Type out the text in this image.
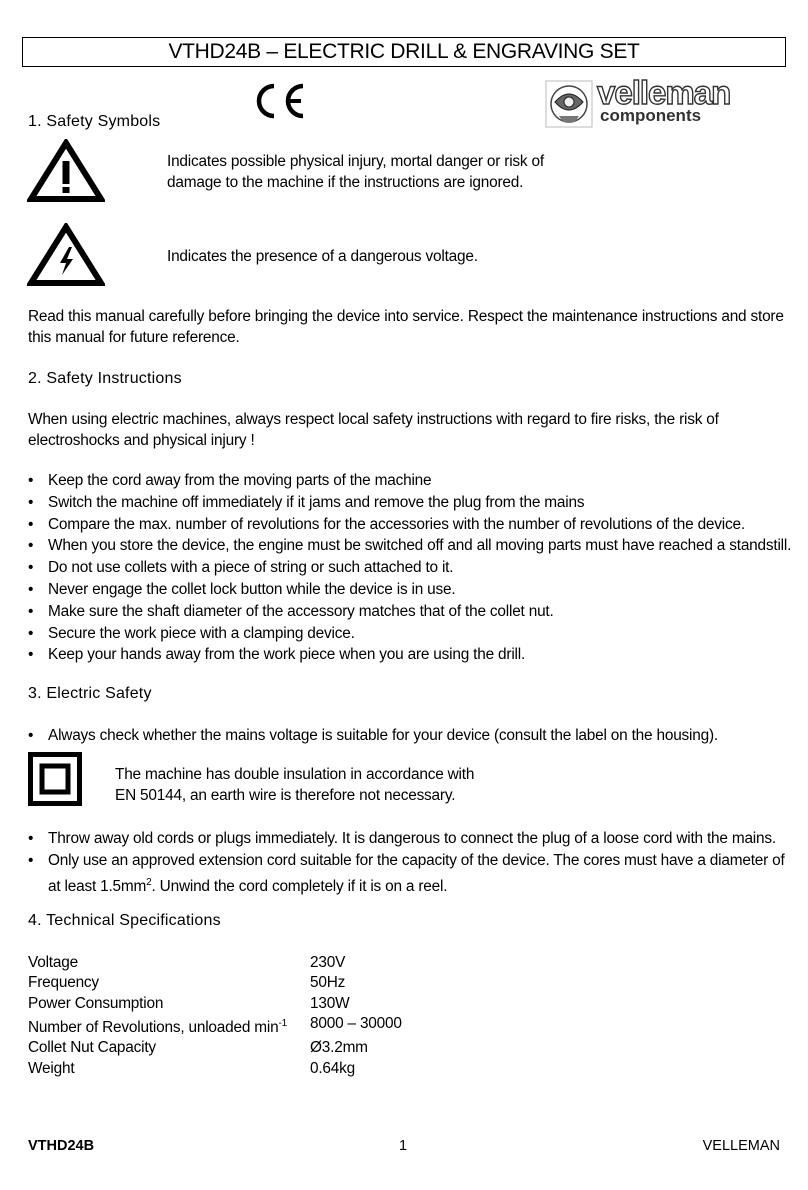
VTHD24B – ELECTRIC DRILL & ENGRAVING SET
velleman
components
1. Safety Symbols
Indicates possible physical injury, mortal danger or risk of
damage to the machine if the instructions are ignored.
Indicates the presence of a dangerous voltage.
Read this manual carefully before bringing the device into service. Respect the maintenance instructions and store
this manual for future reference.
2. Safety Instructions
When using electric machines, always respect local safety instructions with regard to fire risks, the risk of
electroshocks and physical injury !
• Keep the cord away from the moving parts of the machine
• Switch the machine off immediately if it jams and remove the plug from the mains
• Compare the max. number of revolutions for the accessories with the number of revolutions of the device.
• When you store the device, the engine must be switched off and all moving parts must have reached a standstill.
• Do not use collets with a piece of string or such attached to it.
• Never engage the collet lock button while the device is in use.
• Make sure the shaft diameter of the accessory matches that of the collet nut.
• Secure the work piece with a clamping device.
• Keep your hands away from the work piece when you are using the drill.
3. Electric Safety
• Always check whether the mains voltage is suitable for your device (consult the label on the housing).
The machine has double insulation in accordance with
EN 50144, an earth wire is therefore not necessary.
• Throw away old cords or plugs immediately. It is dangerous to connect the plug of a loose cord with the mains.
• Only use an approved extension cord suitable for the capacity of the device. The cores must have a diameter of
at least $1.5mm^2$. Unwind the cord completely if it is on a reel.
4. Technical Specifications
Voltage	230V
Frequency	50Hz
Power Consumption	130W
Number of Revolutions, unloaded $\min^{-1}$	8000 – 30000
Collet Nut Capacity	Ø3.2mm
Weight	0.64kg
VTHD24B	1	VELLEMAN
